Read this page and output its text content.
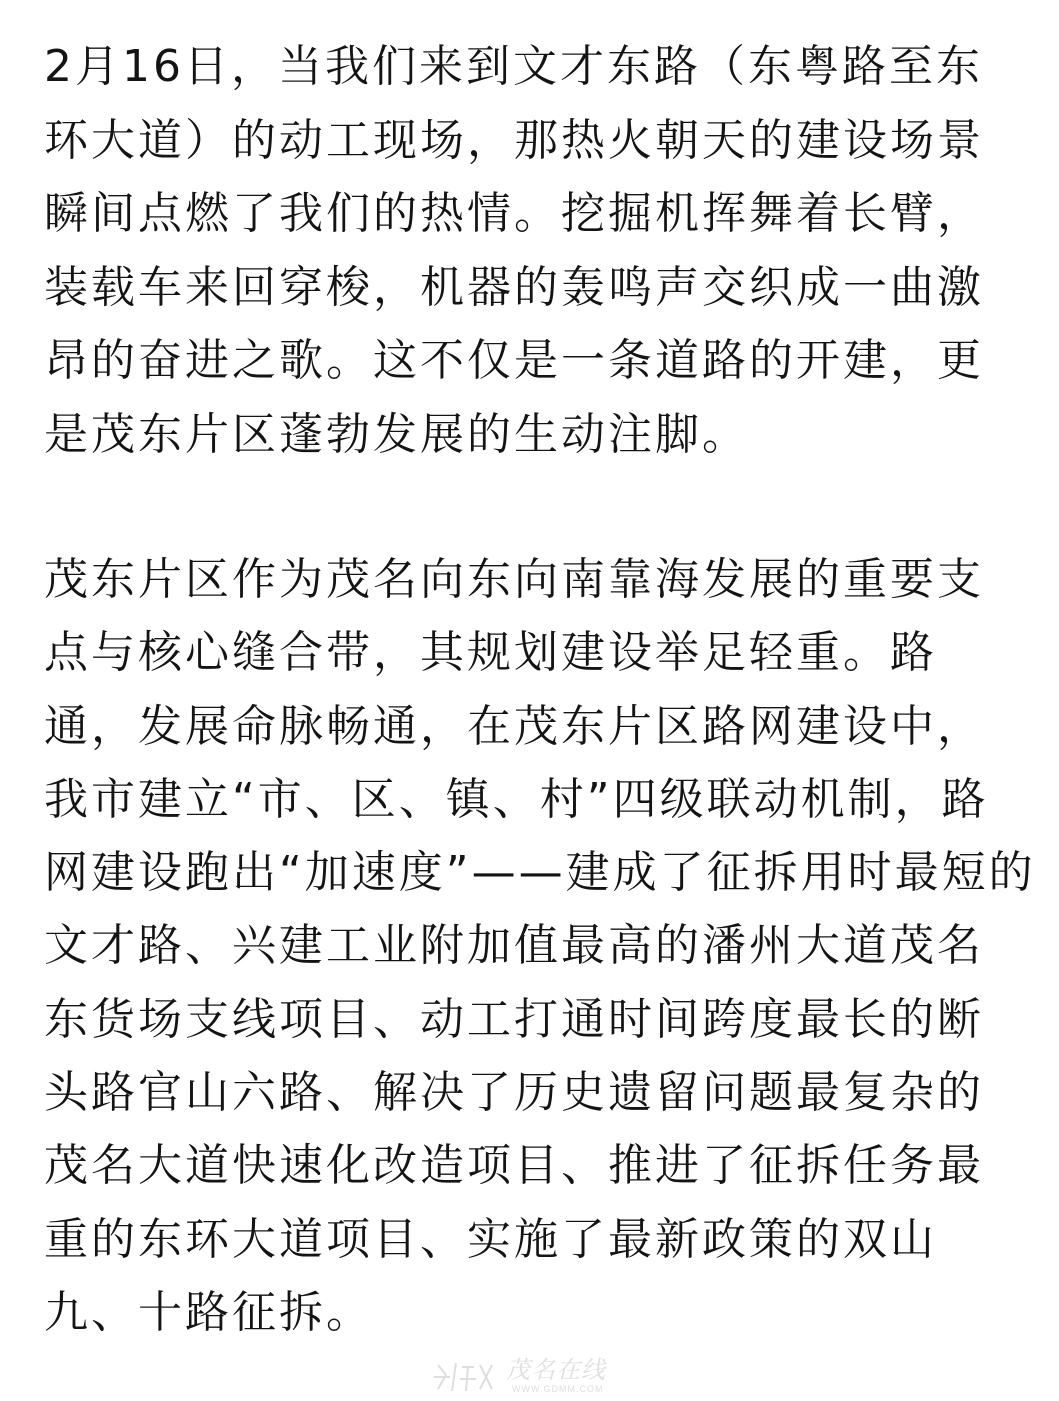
2月16日，当我们来到文才东路（东粤路至东
环大道）的动工现场，那热火朝天的建设场景
瞬间点燃了我们的热情。挖掘机挥舞着长臂，
装载车来回穿梭，机器的轰鸣声交织成一曲激
昂的奋进之歌。这不仅是一条道路的开建，更
是茂东片区蓬勃发展的生动注脚。
茂东片区作为茂名向东向南靠海发展的重要支
点与核心缝合带，其规划建设举足轻重。路
通，发展命脉畅通，在茂东片区路网建设中，
我市建立“市、区、镇、村”四级联动机制，路
网建设跑出“加速度”——建成了征拆用时最短的
文才路、兴建工业附加值最高的潘州大道茂名
东货场支线项目、动工打通时间跨度最长的断
头路官山六路、解决了历史遗留问题最复杂的
茂名大道快速化改造项目、推进了征拆任务最
重的东环大道项目、实施了最新政策的双山
九、十路征拆。
茂名在线
WWW.GDMM.COM
